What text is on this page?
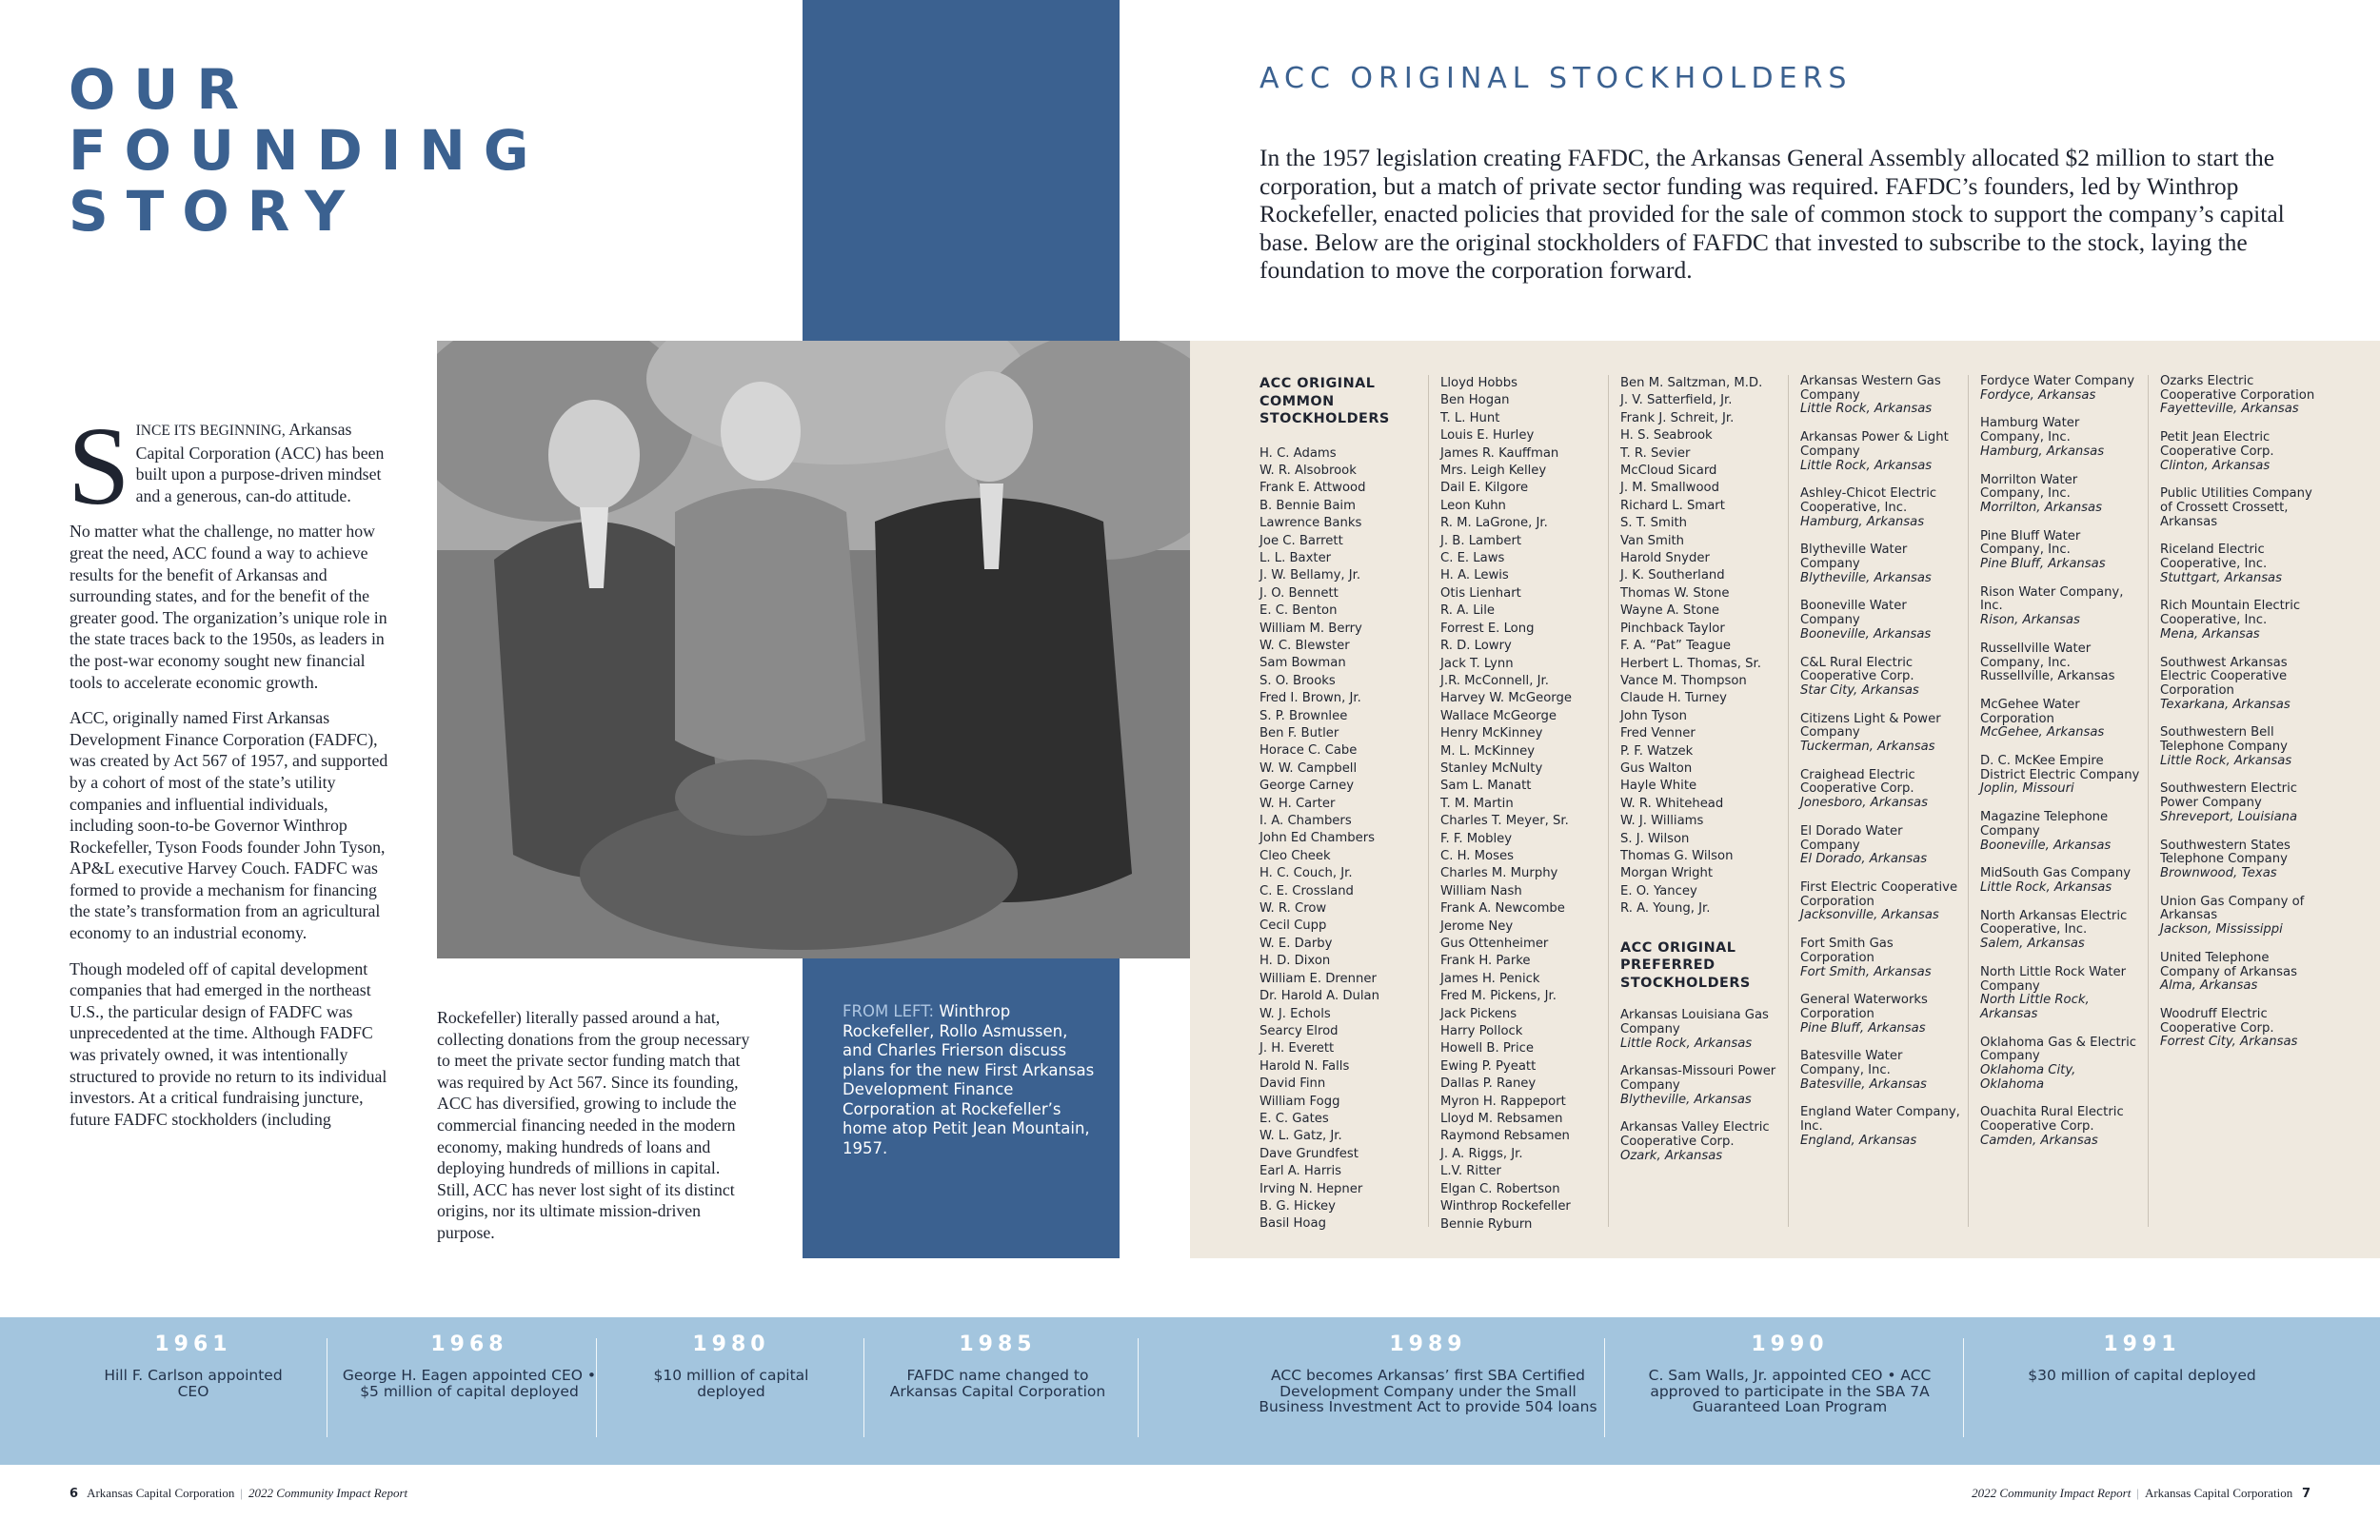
OUR
FOUNDING
STORY
ACC ORIGINAL STOCKHOLDERS
In the 1957 legislation creating FAFDC, the Arkansas General Assembly allocated $2 million to start the corporation, but a match of private sector funding was required. FAFDC’s founders, led by Winthrop Rockefeller, enacted policies that provided for the sale of common stock to support the company’s capital base. Below are the original stockholders of FAFDC that invested to subscribe to the stock, laying the foundation to move the corporation forward.

SINCE ITS BEGINNING, Arkansas Capital Corporation (ACC) has been built upon a purpose-driven mindset and a generous, can-do attitude.

No matter what the challenge, no matter how great the need, ACC found a way to achieve results for the benefit of Arkansas and surrounding states, and for the benefit of the greater good. The organization’s unique role in the state traces back to the 1950s, as leaders in the post-war economy sought new financial tools to accelerate economic growth.

ACC, originally named First Arkansas Development Finance Corporation (FADFC), was created by Act 567 of 1957, and supported by a cohort of most of the state’s utility companies and influential individuals, including soon-to-be Governor Winthrop Rockefeller, Tyson Foods founder John Tyson, AP&L executive Harvey Couch. FADFC was formed to provide a mechanism for financing the state’s transformation from an agricultural economy to an industrial economy.

Though modeled off of capital development companies that had emerged in the northeast U.S., the particular design of FADFC was unprecedented at the time. Although FADFC was privately owned, it was intentionally structured to provide no return to its individual investors. At a critical fundraising juncture, future FADFC stockholders (including

Rockefeller) literally passed around a hat, collecting donations from the group necessary to meet the private sector funding match that was required by Act 567. Since its founding, ACC has diversified, growing to include the commercial financing needed in the modern economy, making hundreds of loans and deploying hundreds of millions in capital. Still, ACC has never lost sight of its distinct origins, nor its ultimate mission-driven purpose.

FROM LEFT: Winthrop Rockefeller, Rollo Asmussen, and Charles Frierson discuss plans for the new First Arkansas Development Finance Corporation at Rockefeller’s home atop Petit Jean Mountain, 1957.
ACC ORIGINAL COMMON STOCKHOLDERS
H. C. Adams
W. R. Alsobrook
Frank E. Attwood
B. Bennie Baim
Lawrence Banks
Joe C. Barrett
L. L. Baxter
J. W. Bellamy, Jr.
J. O. Bennett
E. C. Benton
William M. Berry
W. C. Blewster
Sam Bowman
S. O. Brooks
Fred I. Brown, Jr.
S. P. Brownlee
Ben F. Butler
Horace C. Cabe
W. W. Campbell
George Carney
W. H. Carter
I. A. Chambers
John Ed Chambers
Cleo Cheek
H. C. Couch, Jr.
C. E. Crossland
W. R. Crow
Cecil Cupp
W. E. Darby
H. D. Dixon
William E. Drenner
Dr. Harold A. Dulan
W. J. Echols
Searcy Elrod
J. H. Everett
Harold N. Falls
David Finn
William Fogg
E. C. Gates
W. L. Gatz, Jr.
Dave Grundfest
Earl A. Harris
Irving N. Hepner
B. G. Hickey
Basil Hoag
Lloyd Hobbs
Ben Hogan
T. L. Hunt
Louis E. Hurley
James R. Kauffman
Mrs. Leigh Kelley
Dail E. Kilgore
Leon Kuhn
R. M. LaGrone, Jr.
J. B. Lambert
C. E. Laws
H. A. Lewis
Otis Lienhart
R. A. Lile
Forrest E. Long
R. D. Lowry
Jack T. Lynn
J.R. McConnell, Jr.
Harvey W. McGeorge
Wallace McGeorge
Henry McKinney
M. L. McKinney
Stanley McNulty
Sam L. Manatt
T. M. Martin
Charles T. Meyer, Sr.
F. F. Mobley
C. H. Moses
Charles M. Murphy
William Nash
Frank A. Newcombe
Jerome Ney
Gus Ottenheimer
Frank H. Parke
James H. Penick
Fred M. Pickens, Jr.
Jack Pickens
Harry Pollock
Howell B. Price
Ewing P. Pyeatt
Dallas P. Raney
Myron H. Rappeport
Lloyd M. Rebsamen
Raymond Rebsamen
J. A. Riggs, Jr.
L.V. Ritter
Elgan C. Robertson
Winthrop Rockefeller
Bennie Ryburn
Ben M. Saltzman, M.D.
J. V. Satterfield, Jr.
Frank J. Schreit, Jr.
H. S. Seabrook
T. R. Sevier
McCloud Sicard
J. M. Smallwood
Richard L. Smart
S. T. Smith
Van Smith
Harold Snyder
J. K. Southerland
Thomas W. Stone
Wayne A. Stone
Pinchback Taylor
F. A. “Pat” Teague
Herbert L. Thomas, Sr.
Vance M. Thompson
Claude H. Turney
John Tyson
Fred Venner
P. F. Watzek
Gus Walton
Hayle White
W. R. Whitehead
W. J. Williams
S. J. Wilson
Thomas G. Wilson
Morgan Wright
E. O. Yancey
R. A. Young, Jr.
ACC ORIGINAL PREFERRED STOCKHOLDERS
Arkansas Louisiana Gas Company
Little Rock, Arkansas
Arkansas-Missouri Power Company
Blytheville, Arkansas
Arkansas Valley Electric Cooperative Corp.
Ozark, Arkansas
Arkansas Western Gas Company
Little Rock, Arkansas
Arkansas Power & Light Company
Little Rock, Arkansas
Ashley-Chicot Electric Cooperative, Inc.
Hamburg, Arkansas
Blytheville Water Company
Blytheville, Arkansas
Booneville Water Company
Booneville, Arkansas
C&L Rural Electric Cooperative Corp.
Star City, Arkansas
Citizens Light & Power Company
Tuckerman, Arkansas
Craighead Electric Cooperative Corp.
Jonesboro, Arkansas
El Dorado Water Company
El Dorado, Arkansas
First Electric Cooperative Corporation
Jacksonville, Arkansas
Fort Smith Gas Corporation
Fort Smith, Arkansas
General Waterworks Corporation
Pine Bluff, Arkansas
Batesville Water Company, Inc.
Batesville, Arkansas
England Water Company, Inc.
England, Arkansas
Fordyce Water Company
Fordyce, Arkansas
Hamburg Water Company, Inc.
Hamburg, Arkansas
Morrilton Water Company, Inc.
Morrilton, Arkansas
Pine Bluff Water Company, Inc.
Pine Bluff, Arkansas
Rison Water Company, Inc.
Rison, Arkansas
Russellville Water Company, Inc. Russellville, Arkansas
McGehee Water Corporation
McGehee, Arkansas
D. C. McKee Empire District Electric Company
Joplin, Missouri
Magazine Telephone Company
Booneville, Arkansas
MidSouth Gas Company
Little Rock, Arkansas
North Arkansas Electric Cooperative, Inc.
Salem, Arkansas
North Little Rock Water Company
North Little Rock, Arkansas
Oklahoma Gas & Electric Company
Oklahoma City, Oklahoma
Ouachita Rural Electric Cooperative Corp.
Camden, Arkansas
Ozarks Electric Cooperative Corporation
Fayetteville, Arkansas
Petit Jean Electric Cooperative Corp.
Clinton, Arkansas
Public Utilities Company of Crossett Crossett, Arkansas
Riceland Electric Cooperative, Inc.
Stuttgart, Arkansas
Rich Mountain Electric Cooperative, Inc.
Mena, Arkansas
Southwest Arkansas Electric Cooperative Corporation
Texarkana, Arkansas
Southwestern Bell Telephone Company
Little Rock, Arkansas
Southwestern Electric Power Company
Shreveport, Louisiana
Southwestern States Telephone Company
Brownwood, Texas
Union Gas Company of Arkansas
Jackson, Mississippi
United Telephone Company of Arkansas
Alma, Arkansas
Woodruff Electric Cooperative Corp.
Forrest City, Arkansas
1961
Hill F. Carlson appointed CEO
1968
George H. Eagen appointed CEO • $5 million of capital deployed
1980
$10 million of capital deployed
1985
FAFDC name changed to Arkansas Capital Corporation
1989
ACC becomes Arkansas’ first SBA Certified Development Company under the Small Business Investment Act to provide 504 loans
1990
C. Sam Walls, Jr. appointed CEO • ACC approved to participate in the SBA 7A Guaranteed Loan Program
1991
$30 million of capital deployed
6 Arkansas Capital Corporation | 2022 Community Impact Report	2022 Community Impact Report | Arkansas Capital Corporation 7
